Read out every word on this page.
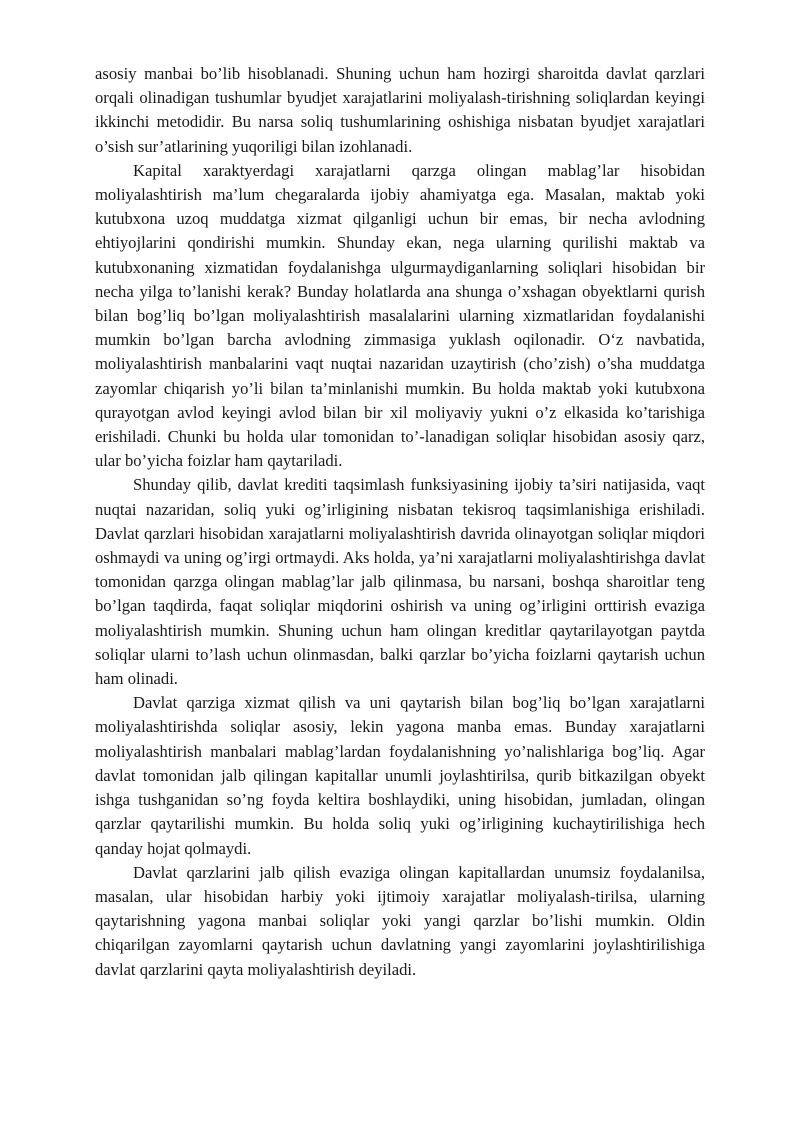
asosiy manbai bo’lib hisoblanadi. Shuning uchun ham hozirgi sharoitda davlat qarzlari orqali olinadigan tushumlar byudjet xarajatlarini moliyalash-tirishning soliqlardan keyingi ikkinchi metodidir. Bu narsa soliq tushumlarining oshishiga nisbatan byudjet xarajatlari o’sish sur’atlarining yuqoriligi bilan izohlanadi.

Kapital xaraktyerdagi xarajatlarni qarzga olingan mablag’lar hisobidan moliyalashtirish ma’lum chegaralarda ijobiy ahamiyatga ega. Masalan, maktab yoki kutubxona uzoq muddatga xizmat qilganligi uchun bir emas, bir necha avlodning ehtiyojlarini qondirishi mumkin. Shunday ekan, nega ularning qurilishi maktab va kutubxonaning xizmatidan foydalanishga ulgurmaydiganlarning soliqlari hisobidan bir necha yilga to’lanishi kerak? Bunday holatlarda ana shunga o’xshagan obyektlarni qurish bilan bog’liq bo’lgan moliyalashtirish masalalarini ularning xizmatlaridan foydalanishi mumkin bo’lgan barcha avlodning zimmasiga yuklash oqilonadir. O‘z navbatida, moliyalashtirish manbalarini vaqt nuqtai nazaridan uzaytirish (cho’zish) o’sha muddatga zayomlar chiqarish yo’li bilan ta’minlanishi mumkin. Bu holda maktab yoki kutubxona qurayotgan avlod keyingi avlod bilan bir xil moliyaviy yukni o’z elkasida ko’tarishiga erishiladi. Chunki bu holda ular tomonidan to’-lanadigan soliqlar hisobidan asosiy qarz, ular bo’yicha foizlar ham qaytariladi.

Shunday qilib, davlat krediti taqsimlash funksiyasining ijobiy ta’siri natijasida, vaqt nuqtai nazaridan, soliq yuki og’irligining nisbatan tekisroq taqsimlanishiga erishiladi. Davlat qarzlari hisobidan xarajatlarni moliyalashtirish davrida olinayotgan soliqlar miqdori oshmaydi va uning og’irgi ortmaydi. Aks holda, ya’ni xarajatlarni moliyalashtirishga davlat tomonidan qarzga olingan mablag’lar jalb qilinmasa, bu narsani, boshqa sharoitlar teng bo’lgan taqdirda, faqat soliqlar miqdorini oshirish va uning og’irligini orttirish evaziga moliyalashtirish mumkin. Shuning uchun ham olingan kreditlar qaytarilayotgan paytda soliqlar ularni to’lash uchun olinmasdan, balki qarzlar bo’yicha foizlarni qaytarish uchun ham olinadi.

Davlat qarziga xizmat qilish va uni qaytarish bilan bog’liq bo’lgan xarajatlarni moliyalashtirishda soliqlar asosiy, lekin yagona manba emas. Bunday xarajatlarni moliyalashtirish manbalari mablag’lardan foydalanishning yo’nalishlariga bog’liq. Agar davlat tomonidan jalb qilingan kapitallar unumli joylashtirilsa, qurib bitkazilgan obyekt ishga tushganidan so’ng foyda keltira boshlaydiki, uning hisobidan, jumladan, olingan qarzlar qaytarilishi mumkin. Bu holda soliq yuki og’irligining kuchaytirilishiga hech qanday hojat qolmaydi.

Davlat qarzlarini jalb qilish evaziga olingan kapitallardan unumsiz foydalanilsa, masalan, ular hisobidan harbiy yoki ijtimoiy xarajatlar moliyalash-tirilsa, ularning qaytarishning yagona manbai soliqlar yoki yangi qarzlar bo’lishi mumkin. Oldin chiqarilgan zayomlarni qaytarish uchun davlatning yangi zayomlarini joylashtirilishiga davlat qarzlarini qayta moliyalashtirish deyiladi.
